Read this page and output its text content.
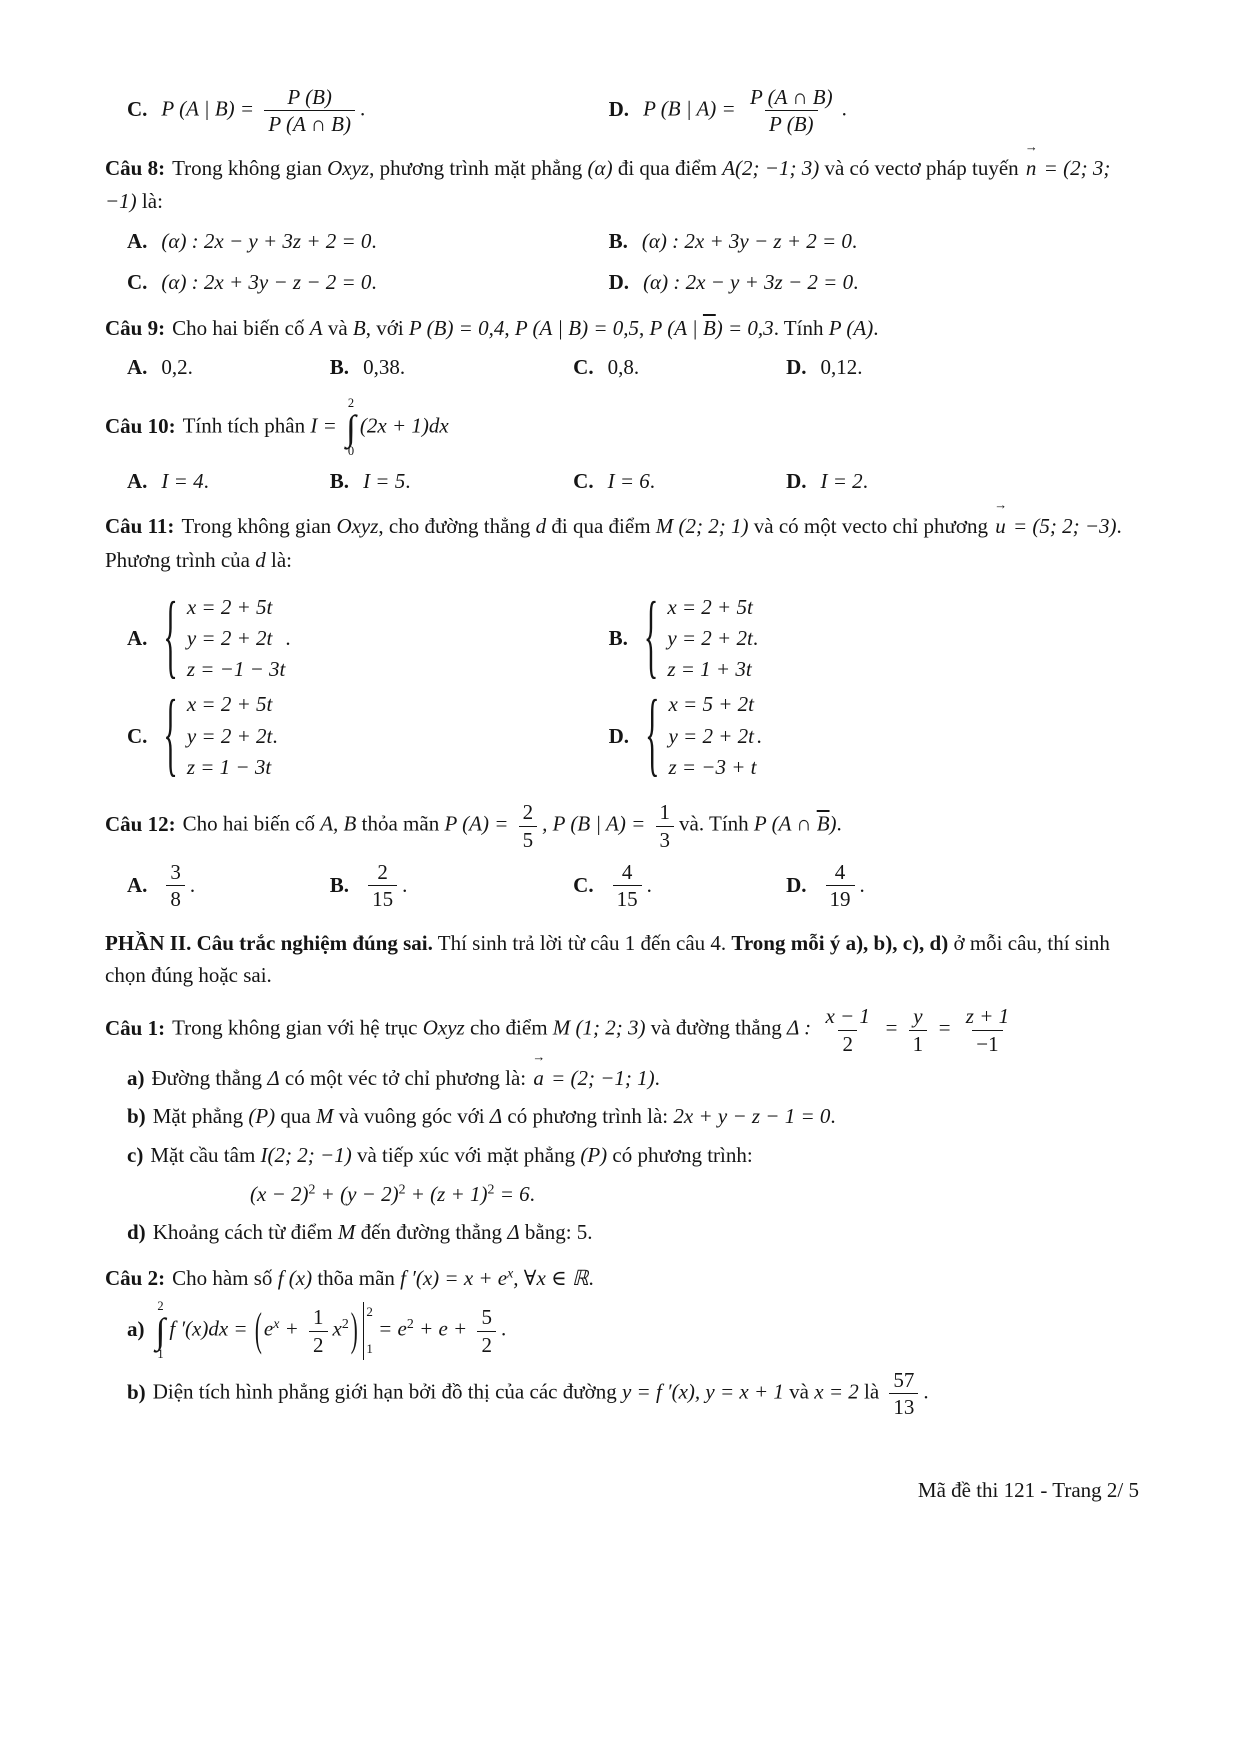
C. P (A | $B) = \frac{P (B)}{P (A \cap B)}$ .	D. P (B | $A) = \frac{P (A \cap B)}{P (B)}$ .

Câu 8: Trong không gian Oxyz, phương trình mặt phẳng (α) đi qua điểm A(2; −1; 3) và có vectơ pháp tuyến n → = (2; 3; −1) là:

A. (α) : 2x − y + 3z + 2 = 0.	B. (α) : 2x + 3y − z + 2 = 0.
C. (α) : 2x + 3y − z − 2 = 0.	D. (α) : 2x − y + 3z − 2 = 0.

Câu 9: Cho hai biến cố A và B, với P (B) = 0,4, P (A | B) = 0,5, P (A | $\overline{B}) = 0,3$. Tính P (A).

A. 0,2.	B. 0,38.	C. 0,8.	D. 0,12.

Câu 10: Tính tích phân I =
2
∫
0
(2x + 1)dx

A. I = 4.	B. I = 5.	C. I = 6.	D. I = 2.

Câu 11: Trong không gian Oxyz, cho đường thẳng d đi qua điểm M (2; 2; 1) và có một vecto chỉ phương u → = (5; 2; −3). Phương trình của d là:

A. { x = 2 + 5t
y = 2 + 2t
z = −1 − 3t
.	B. { x = 2 + 5t
y = 2 + 2t
z = 1 + 3t
.
C. { x = 2 + 5t
y = 2 + 2t
z = 1 − 3t
.	D. { x = 5 + 2t
y = 2 + 2t
z = −3 + t
.

Câu 12: Cho hai biến cố A, B thỏa mãn P $(A) = \frac{2}{5}$ , P (B | $A) = \frac{1}{3}$ và. Tính P (A ∩ $\overline{B}$).

A. $\frac{3}{8}$ .	B. $\frac{2}{15}$ .	C. $\frac{4}{15}$ .	D. $\frac{4}{19}$ .

PHẦN II. Câu trắc nghiệm đúng sai. Thí sinh trả lời từ câu 1 đến câu 4. Trong mỗi ý a), b), c), d) ở mỗi câu, thí sinh chọn đúng hoặc sai.

Câu 1: Trong không gian với hệ trục Oxyz cho điểm M (1; 2; 3) và đường thẳng Δ : $\frac{x - 1}{2} = \frac{y}{1} = \frac{z + 1}{-1}$

a) Đường thẳng Δ có một véc tở chỉ phương là: a → = (2; −1; 1).

b) Mặt phẳng (P) qua M và vuông góc với Δ có phương trình là: 2x + y − z − 1 = 0.

c) Mặt cầu tâm I(2; 2; −1) và tiếp xúc với mặt phẳng (P) có phương trình:

$(x - 2)^2 + (y - 2)^2 + (z + 1)^2 = 6$.

d) Khoảng cách từ điểm M đến đường thẳng Δ bằng: 5.

Câu 2: Cho hàm số f (x) thõa mãn f $'(x) = x + e^x$, ∀x ∈ ℝ.

a)
2
∫
1
f $'(x)dx = (e^x + \frac{1}{2} x^2)$ 2
1
= $e^2 + e + \frac{5}{2}$ .

b) Diện tích hình phẳng giới hạn bởi đồ thị của các đường y = f ′(x), y = x + 1 và x = 2 là $\frac{57}{13}$ .

Mã đề thi 121 - Trang 2/ 5
